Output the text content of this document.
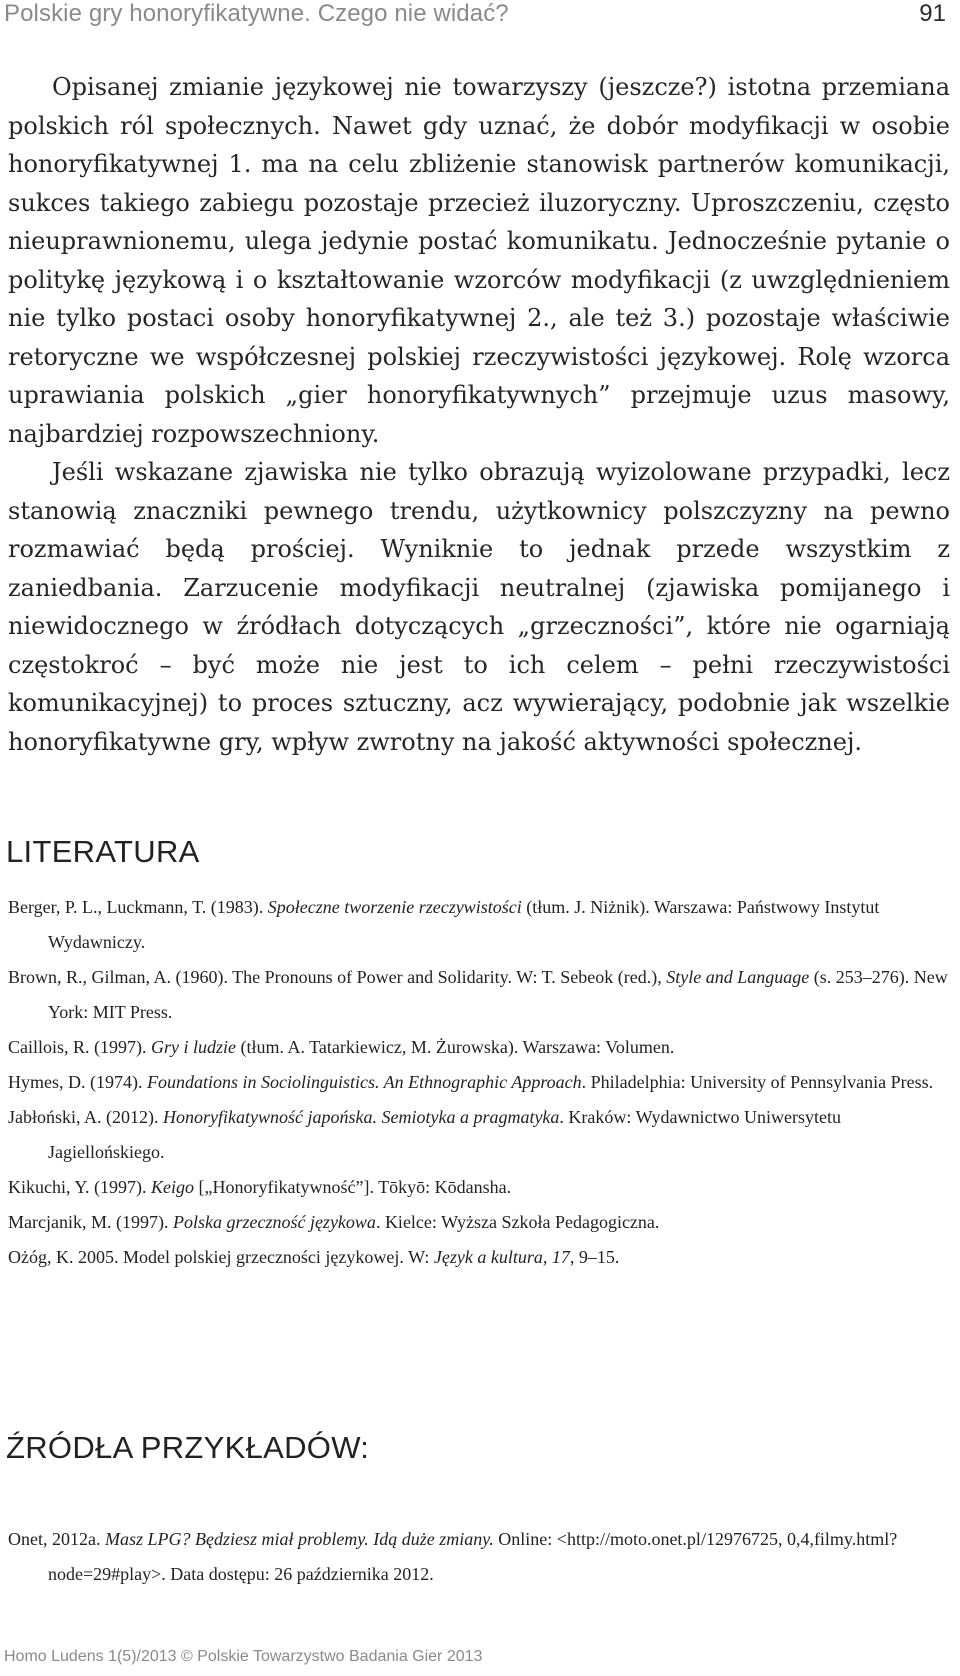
Polskie gry honoryfikatywne. Czego nie widać?	91

Opisanej zmianie językowej nie towarzyszy (jeszcze?) istotna przemiana polskich ról społecznych. Nawet gdy uznać, że dobór modyfikacji w osobie honoryfikatywnej 1. ma na celu zbliżenie stanowisk partnerów komunikacji, sukces takiego zabiegu pozostaje przecież iluzoryczny. Uproszczeniu, często nieuprawnionemu, ulega jedynie postać komunikatu. Jednocześnie pytanie o politykę językową i o kształtowanie wzorców modyfikacji (z uwzględnieniem nie tylko postaci osoby honoryfikatywnej 2., ale też 3.) pozostaje właściwie retoryczne we współczesnej polskiej rzeczywistości językowej. Rolę wzorca uprawiania polskich „gier honoryfikatywnych” przejmuje uzus masowy, najbardziej rozpowszechniony.

Jeśli wskazane zjawiska nie tylko obrazują wyizolowane przypadki, lecz stanowią znaczniki pewnego trendu, użytkownicy polszczyzny na pewno rozmawiać będą prościej. Wyniknie to jednak przede wszystkim z zaniedbania. Zarzucenie modyfikacji neutralnej (zjawiska pomijanego i niewidocznego w źródłach dotyczących „grzeczności”, które nie ogarniają częstokroć – być może nie jest to ich celem – pełni rzeczywistości komunikacyjnej) to proces sztuczny, acz wywierający, podobnie jak wszelkie honoryfikatywne gry, wpływ zwrotny na jakość aktywności społecznej.

LITERATURA

Berger, P. L., Luckmann, T. (1983). Społeczne tworzenie rzeczywistości (tłum. J. Niżnik). Warszawa: Państwowy Instytut Wydawniczy.

Brown, R., Gilman, A. (1960). The Pronouns of Power and Solidarity. W: T. Sebeok (red.), Style and Language (s. 253–276). New York: MIT Press.

Caillois, R. (1997). Gry i ludzie (tłum. A. Tatarkiewicz, M. Żurowska). Warszawa: Volumen.

Hymes, D. (1974). Foundations in Sociolinguistics. An Ethnographic Approach. Philadelphia: University of Pennsylvania Press.

Jabłoński, A. (2012). Honoryfikatywność japońska. Semiotyka a pragmatyka. Kraków: Wydawnictwo Uniwersytetu Jagiellońskiego.

Kikuchi, Y. (1997). Keigo [„Honoryfikatywność”]. Tōkyō: Kōdansha.

Marcjanik, M. (1997). Polska grzeczność językowa. Kielce: Wyższa Szkoła Pedagogiczna.

Ożóg, K. 2005. Model polskiej grzeczności językowej. W: Język a kultura, 17, 9–15.

ŹRÓDŁA PRZYKŁADÓW:

Onet, 2012a. Masz LPG? Będziesz miał problemy. Idą duże zmiany. Online: <http://moto.onet.pl/12976725, 0,4,filmy.html?node=29#play>. Data dostępu: 26 października 2012.

Homo Ludens 1(5)/2013 © Polskie Towarzystwo Badania Gier 2013
